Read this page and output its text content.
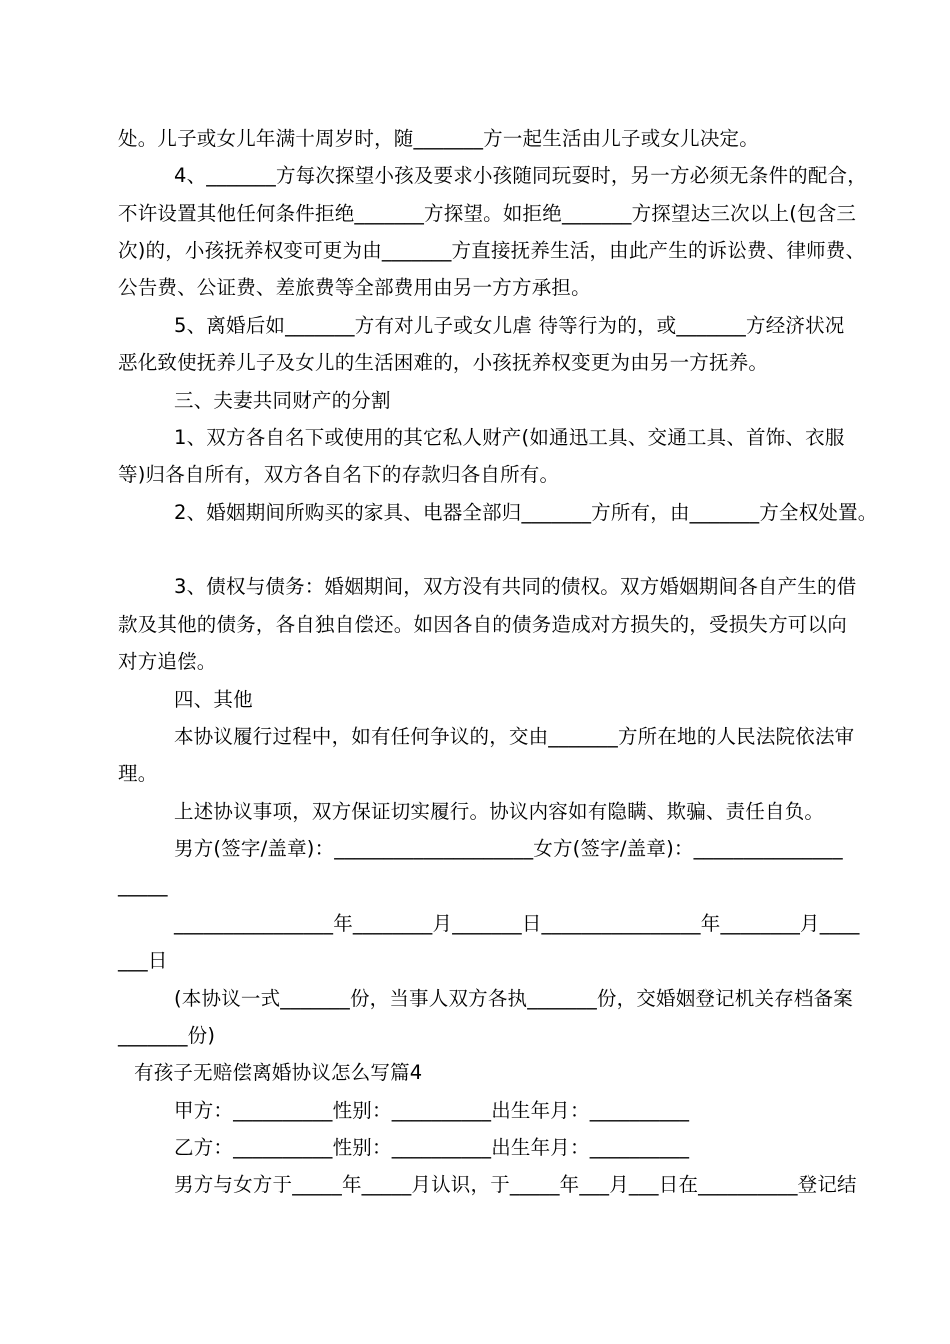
处。儿子或女儿年满十周岁时，随_______方一起生活由儿子或女儿决定。
4、_______方每次探望小孩及要求小孩随同玩耍时，另一方必须无条件的配合，
不许设置其他任何条件拒绝_______方探望。如拒绝_______方探望达三次以上(包含三
次)的，小孩抚养权变可更为由_______方直接抚养生活，由此产生的诉讼费、律师费、
公告费、公证费、差旅费等全部费用由另一方方承担。
5、离婚后如_______方有对儿子或女儿虐 待等行为的，或_______方经济状况
恶化致使抚养儿子及女儿的生活困难的，小孩抚养权变更为由另一方抚养。
三、夫妻共同财产的分割
1、双方各自名下或使用的其它私人财产(如通迅工具、交通工具、首饰、衣服
等)归各自所有，双方各自名下的存款归各自所有。
2、婚姻期间所购买的家具、电器全部归_______方所有，由_______方全权处置。
3、债权与债务：婚姻期间，双方没有共同的债权。双方婚姻期间各自产生的借
款及其他的债务，各自独自偿还。如因各自的债务造成对方损失的，受损失方可以向
对方追偿。
四、其他
本协议履行过程中，如有任何争议的，交由_______方所在地的人民法院依法审
理。
上述协议事项，双方保证切实履行。协议内容如有隐瞒、欺骗、责任自负。
男方(签字/盖章)：____________________女方(签字/盖章)：_______________
_____
________________年________月_______日________________年________月____
___日
(本协议一式_______份，当事人双方各执_______份，交婚姻登记机关存档备案
_______份)
有孩子无赔偿离婚协议怎么写篇4
甲方：__________性别：__________出生年月：__________
乙方：__________性别：__________出生年月：__________
男方与女方于_____年_____月认识，于_____年___月___日在__________登记结
